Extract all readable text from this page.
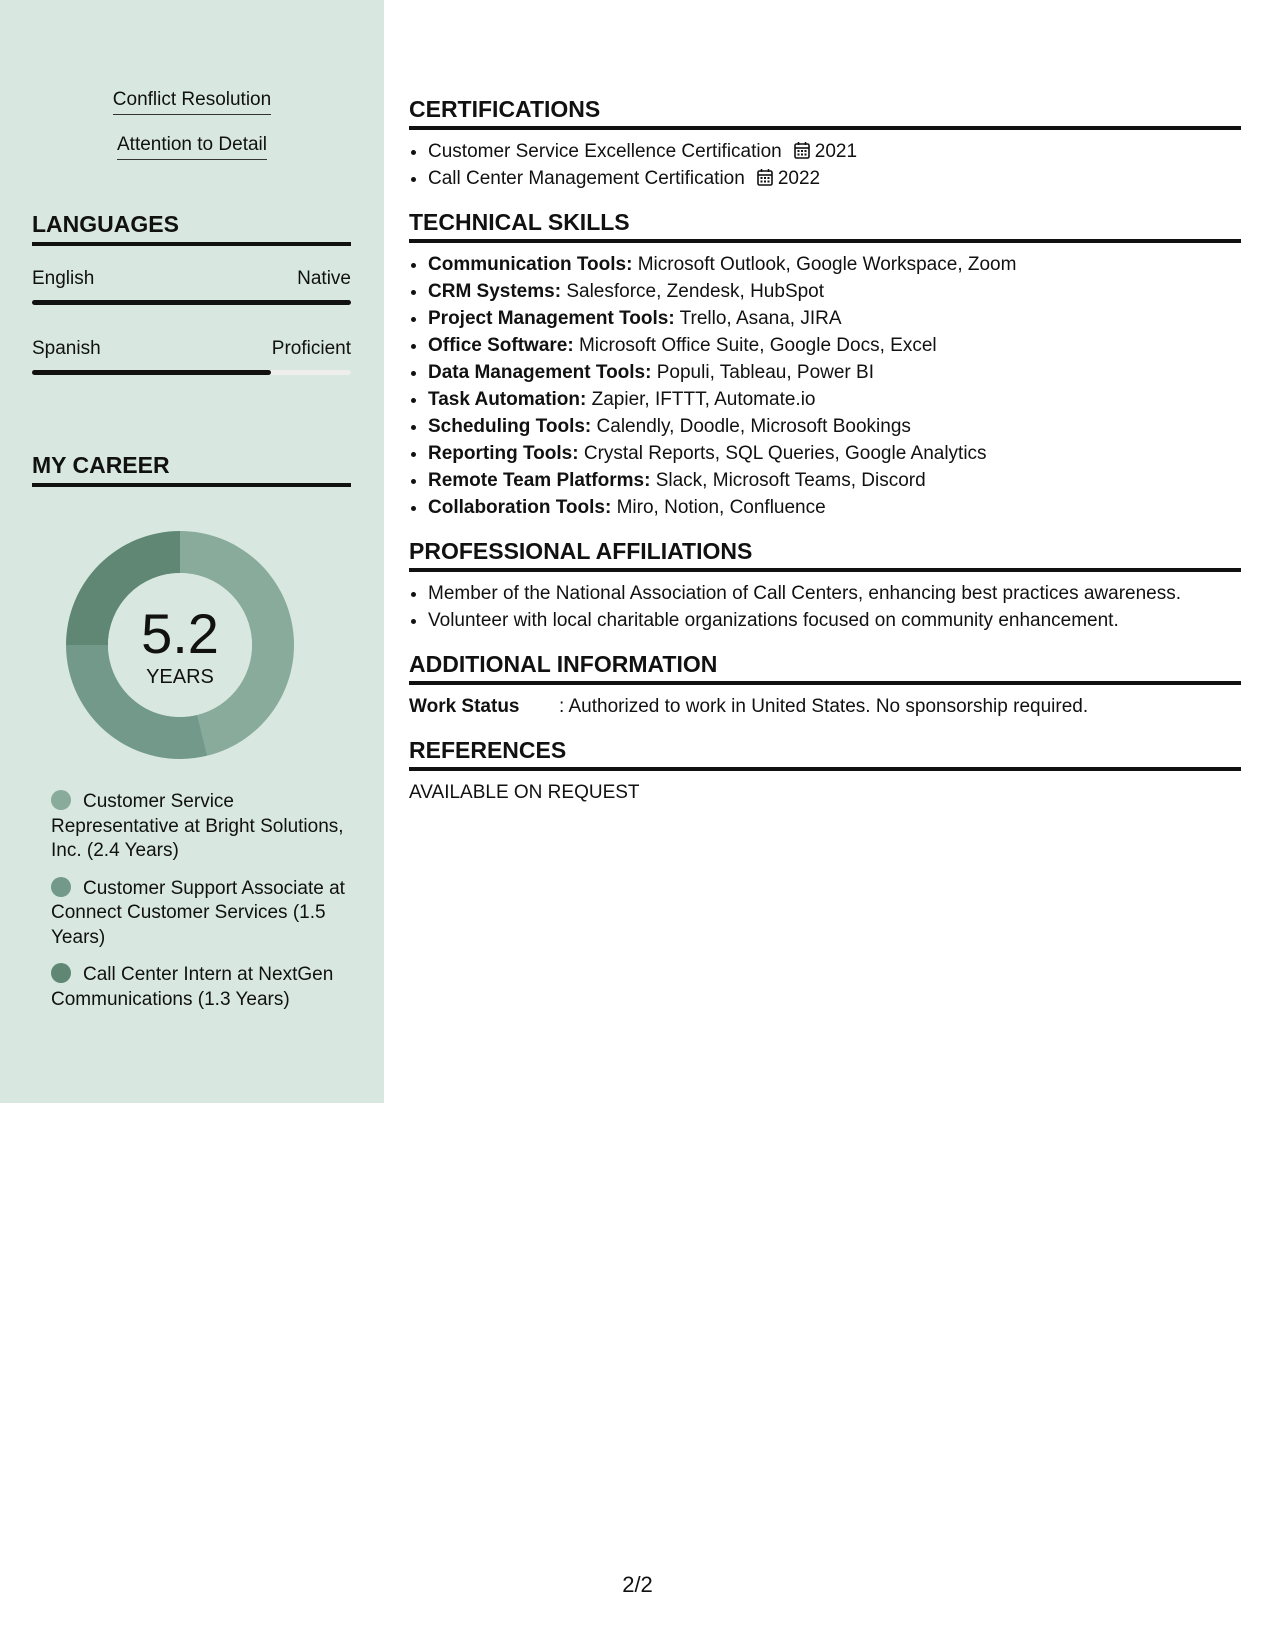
Conflict Resolution
Attention to Detail
LANGUAGES
English	Native
Spanish	Proficient
MY CAREER
5.2
YEARS
Customer Service Representative at Bright Solutions, Inc. (2.4 Years)
Customer Support Associate at Connect Customer Services (1.5 Years)
Call Center Intern at NextGen Communications (1.3 Years)
CERTIFICATIONS
• Customer Service Excellence Certification 2021
• Call Center Management Certification 2022
TECHNICAL SKILLS
• Communication Tools: Microsoft Outlook, Google Workspace, Zoom
• CRM Systems: Salesforce, Zendesk, HubSpot
• Project Management Tools: Trello, Asana, JIRA
• Office Software: Microsoft Office Suite, Google Docs, Excel
• Data Management Tools: Populi, Tableau, Power BI
• Task Automation: Zapier, IFTTT, Automate.io
• Scheduling Tools: Calendly, Doodle, Microsoft Bookings
• Reporting Tools: Crystal Reports, SQL Queries, Google Analytics
• Remote Team Platforms: Slack, Microsoft Teams, Discord
• Collaboration Tools: Miro, Notion, Confluence
PROFESSIONAL AFFILIATIONS
• Member of the National Association of Call Centers, enhancing best practices awareness.
• Volunteer with local charitable organizations focused on community enhancement.
ADDITIONAL INFORMATION
Work Status : Authorized to work in United States. No sponsorship required.
REFERENCES
AVAILABLE ON REQUEST
2/2
